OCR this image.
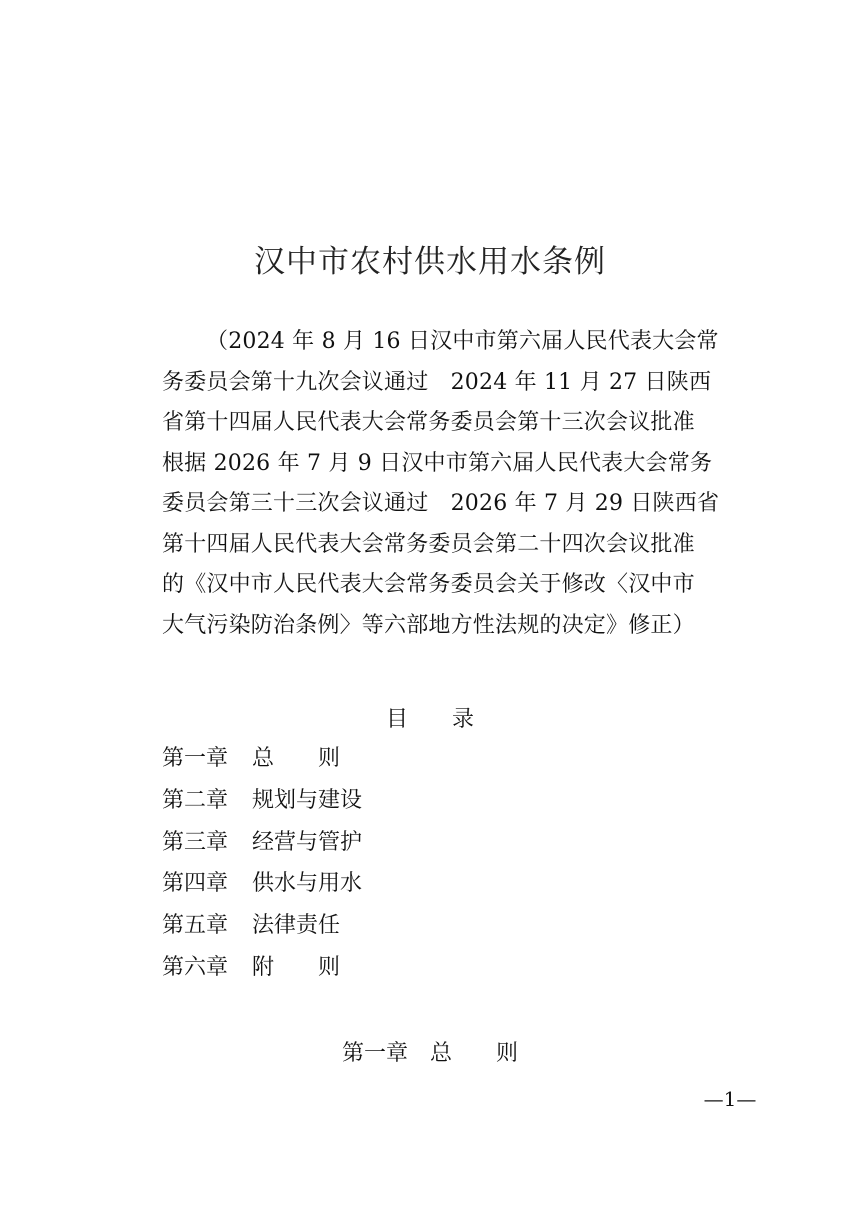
汉中市农村供水用水条例
（2024 年 8 月 16 日汉中市第六届人民代表大会常
务委员会第十九次会议通过　2024 年 11 月 27 日陕西
省第十四届人民代表大会常务委员会第十三次会议批准
根据 2026 年 7 月 9 日汉中市第六届人民代表大会常务
委员会第三十三次会议通过　2026 年 7 月 29 日陕西省
第十四届人民代表大会常务委员会第二十四次会议批准
的《汉中市人民代表大会常务委员会关于修改〈汉中市
大气污染防治条例〉等六部地方性法规的决定》修正）
目 录
第一章 总则
第二章 规划与建设
第三章 经营与管护
第四章 供水与用水
第五章 法律责任
第六章 附则
第一章 总则
—1—
